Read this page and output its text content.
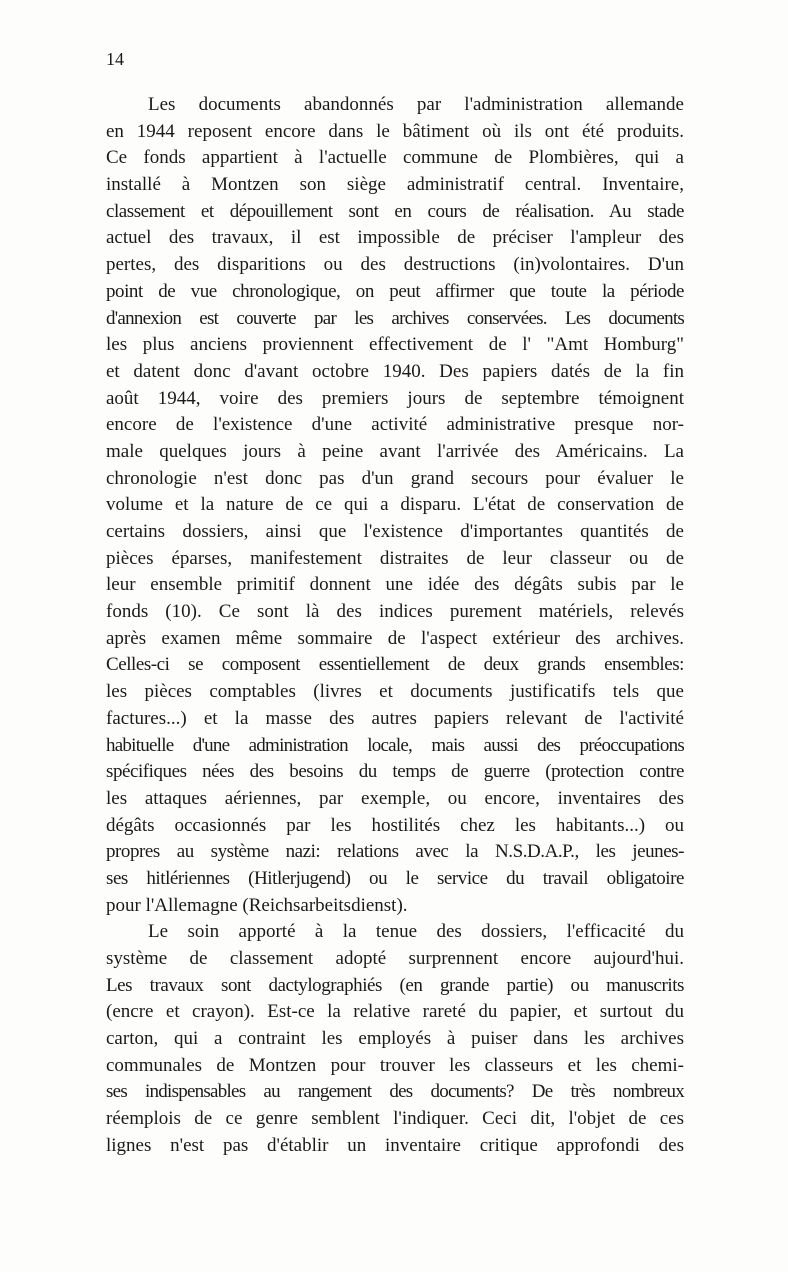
14
Les documents abandonnés par l'administration allemande
en 1944 reposent encore dans le bâtiment où ils ont été produits.
Ce fonds appartient à l'actuelle commune de Plombières, qui a
installé à Montzen son siège administratif central. Inventaire,
classement et dépouillement sont en cours de réalisation. Au stade
actuel des travaux, il est impossible de préciser l'ampleur des
pertes, des disparitions ou des destructions (in)volontaires. D'un
point de vue chronologique, on peut affirmer que toute la période
d'annexion est couverte par les archives conservées. Les documents
les plus anciens proviennent effectivement de l' "Amt Homburg"
et datent donc d'avant octobre 1940. Des papiers datés de la fin
août 1944, voire des premiers jours de septembre témoignent
encore de l'existence d'une activité administrative presque nor-
male quelques jours à peine avant l'arrivée des Américains. La
chronologie n'est donc pas d'un grand secours pour évaluer le
volume et la nature de ce qui a disparu. L'état de conservation de
certains dossiers, ainsi que l'existence d'importantes quantités de
pièces éparses, manifestement distraites de leur classeur ou de
leur ensemble primitif donnent une idée des dégâts subis par le
fonds (10). Ce sont là des indices purement matériels, relevés
après examen même sommaire de l'aspect extérieur des archives.
Celles-ci se composent essentiellement de deux grands ensembles:
les pièces comptables (livres et documents justificatifs tels que
factures...) et la masse des autres papiers relevant de l'activité
habituelle d'une administration locale, mais aussi des préoccupations
spécifiques nées des besoins du temps de guerre (protection contre
les attaques aériennes, par exemple, ou encore, inventaires des
dégâts occasionnés par les hostilités chez les habitants...) ou
propres au système nazi: relations avec la N.S.D.A.P., les jeunes-
ses hitlériennes (Hitlerjugend) ou le service du travail obligatoire
pour l'Allemagne (Reichsarbeitsdienst).
Le soin apporté à la tenue des dossiers, l'efficacité du
système de classement adopté surprennent encore aujourd'hui.
Les travaux sont dactylographiés (en grande partie) ou manuscrits
(encre et crayon). Est-ce la relative rareté du papier, et surtout du
carton, qui a contraint les employés à puiser dans les archives
communales de Montzen pour trouver les classeurs et les chemi-
ses indispensables au rangement des documents? De très nombreux
réemplois de ce genre semblent l'indiquer. Ceci dit, l'objet de ces
lignes n'est pas d'établir un inventaire critique approfondi des
